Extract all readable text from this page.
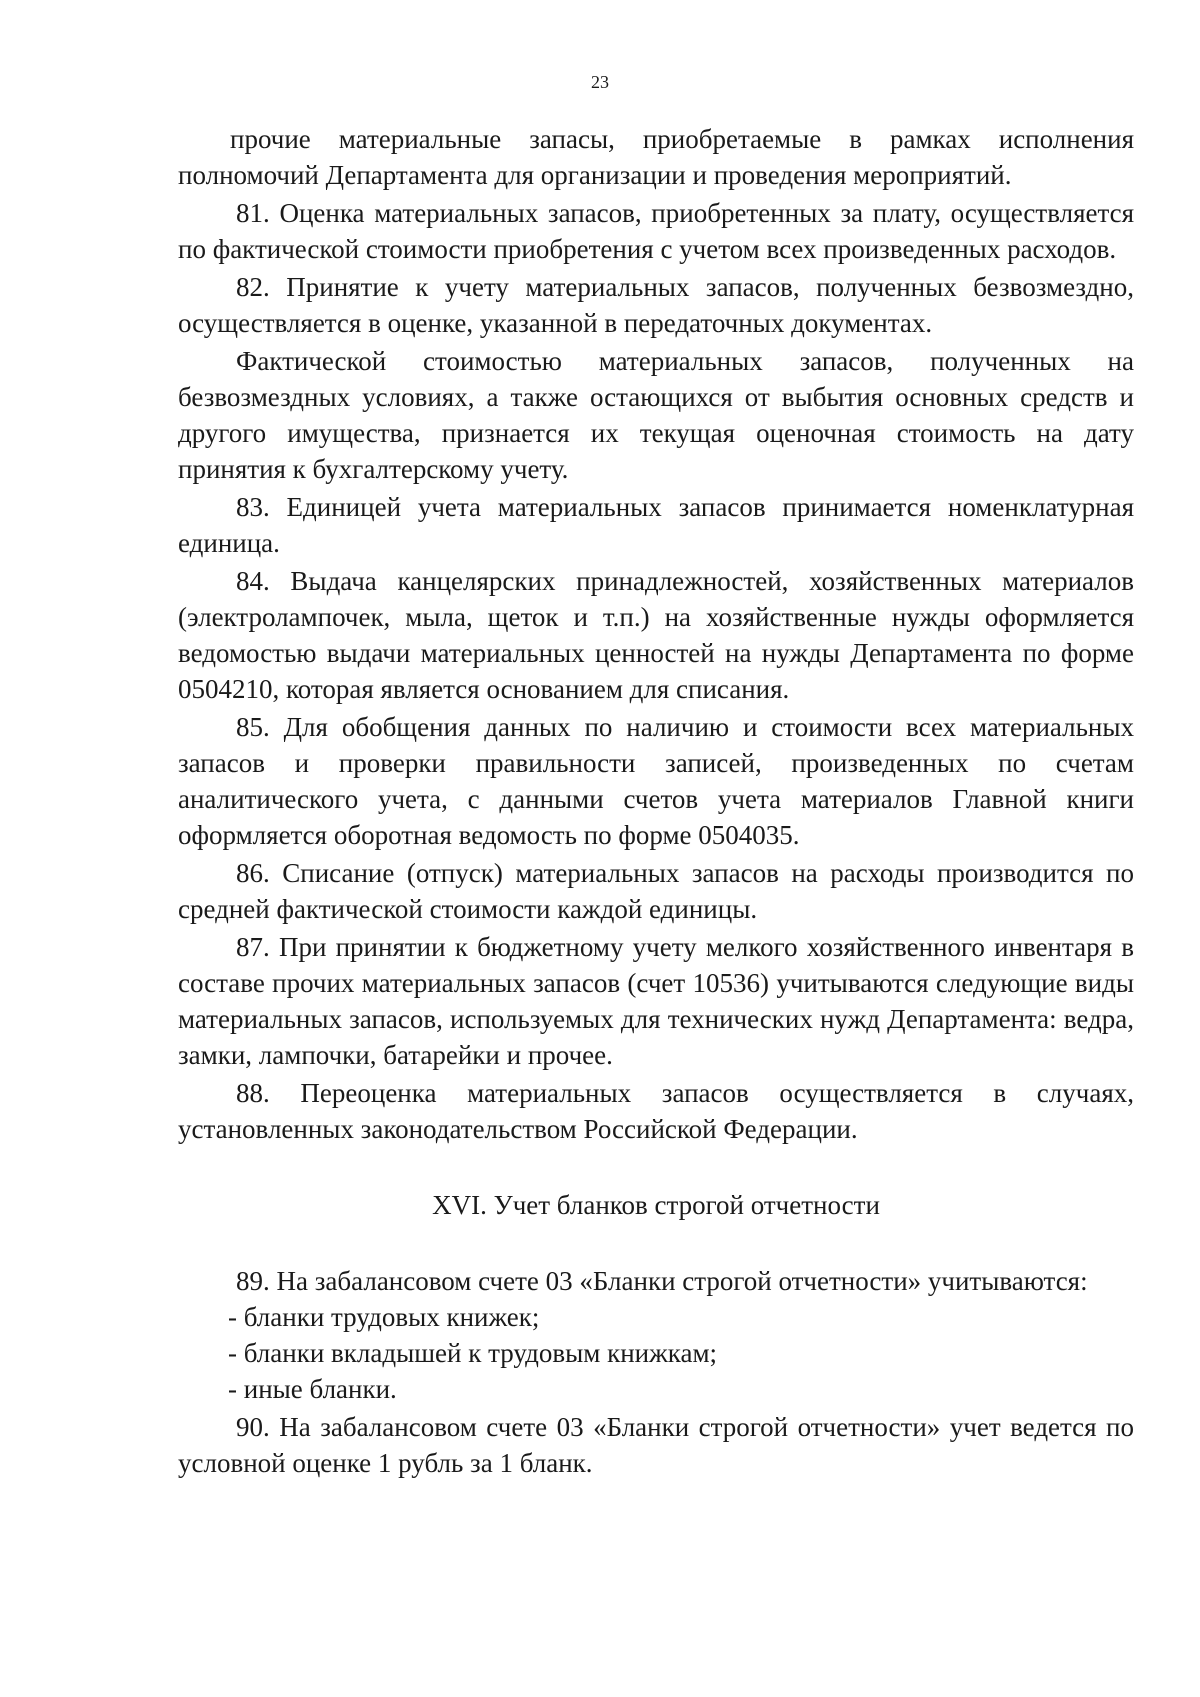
23

прочие материальные запасы, приобретаемые в рамках исполнения полномочий Департамента для организации и проведения мероприятий.

81. Оценка материальных запасов, приобретенных за плату, осуществляется по фактической стоимости приобретения с учетом всех произведенных расходов.

82. Принятие к учету материальных запасов, полученных безвозмездно, осуществляется в оценке, указанной в передаточных документах.

Фактической стоимостью материальных запасов, полученных на безвозмездных условиях, а также остающихся от выбытия основных средств и другого имущества, признается их текущая оценочная стоимость на дату принятия к бухгалтерскому учету.

83. Единицей учета материальных запасов принимается номенклатурная единица.

84. Выдача канцелярских принадлежностей, хозяйственных материалов (электролампочек, мыла, щеток и т.п.) на хозяйственные нужды оформляется ведомостью выдачи материальных ценностей на нужды Департамента по форме 0504210, которая является основанием для списания.

85. Для обобщения данных по наличию и стоимости всех материальных запасов и проверки правильности записей, произведенных по счетам аналитического учета, с данными счетов учета материалов Главной книги оформляется оборотная ведомость по форме 0504035.

86. Списание (отпуск) материальных запасов на расходы производится по средней фактической стоимости каждой единицы.

87. При принятии к бюджетному учету мелкого хозяйственного инвентаря в составе прочих материальных запасов (счет 10536) учитываются следующие виды материальных запасов, используемых для технических нужд Департамента: ведра, замки, лампочки, батарейки и прочее.

88. Переоценка материальных запасов осуществляется в случаях, установленных законодательством Российской Федерации.

XVI. Учет бланков строгой отчетности

89. На забалансовом счете 03 «Бланки строгой отчетности» учитываются:

- бланки трудовых книжек;
- бланки вкладышей к трудовым книжкам;
- иные бланки.

90. На забалансовом счете 03 «Бланки строгой отчетности» учет ведется по условной оценке 1 рубль за 1 бланк.
